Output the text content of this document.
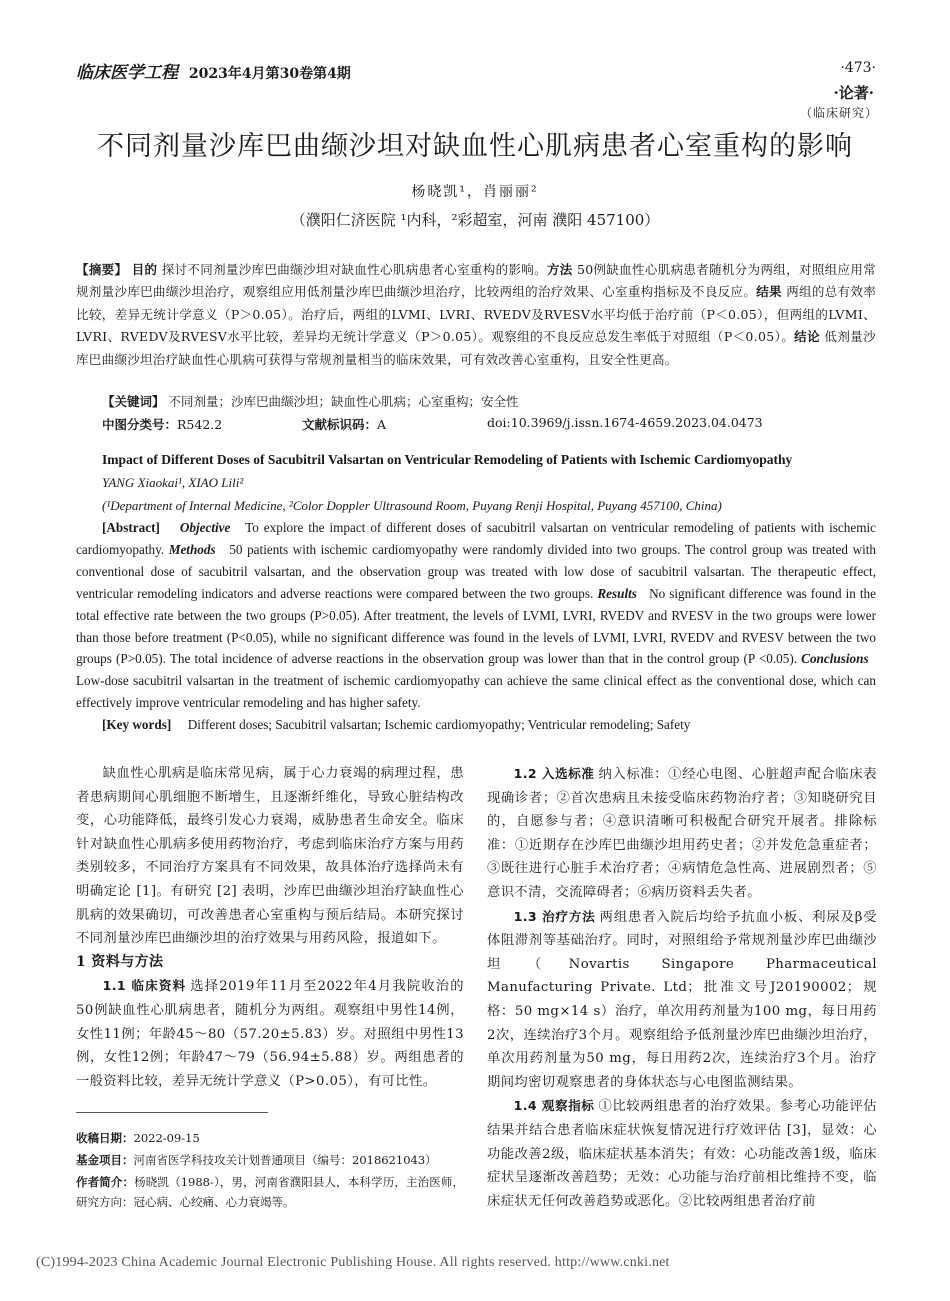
临床医学工程 2023年4月第30卷第4期	·473·
·论著·
（临床研究）
不同剂量沙库巴曲缬沙坦对缺血性心肌病患者心室重构的影响
杨晓凯¹，肖丽丽²
（濮阳仁济医院 ¹内科，²彩超室，河南 濮阳 457100）
【摘要】 目的 探讨不同剂量沙库巴曲缬沙坦对缺血性心肌病患者心室重构的影响。方法 50例缺血性心肌病患者随机分为两组，对照组应用常规剂量沙库巴曲缬沙坦治疗，观察组应用低剂量沙库巴曲缬沙坦治疗，比较两组的治疗效果、心室重构指标及不良反应。结果 两组的总有效率比较，差异无统计学意义（P＞0.05）。治疗后，两组的LVMI、LVRI、RVEDV及RVESV水平均低于治疗前（P＜0.05），但两组的LVMI、LVRI、RVEDV及RVESV水平比较，差异均无统计学意义（P＞0.05）。观察组的不良反应总发生率低于对照组（P＜0.05）。结论 低剂量沙库巴曲缬沙坦治疗缺血性心肌病可获得与常规剂量相当的临床效果，可有效改善心室重构，且安全性更高。
【关键词】 不同剂量；沙库巴曲缬沙坦；缺血性心肌病；心室重构；安全性
中图分类号：R542.2	文献标识码：A	doi:10.3969/j.issn.1674-4659.2023.04.0473
Impact of Different Doses of Sacubitril Valsartan on Ventricular Remodeling of Patients with Ischemic Cardiomyopathy
YANG Xiaokai¹, XIAO Lili²
(¹Department of Internal Medicine, ²Color Doppler Ultrasound Room, Puyang Renji Hospital, Puyang 457100, China)
[Abstract] Objective To explore the impact of different doses of sacubitril valsartan on ventricular remodeling of patients with ischemic cardiomyopathy. Methods 50 patients with ischemic cardiomyopathy were randomly divided into two groups. The control group was treated with conventional dose of sacubitril valsartan, and the observation group was treated with low dose of sacubitril valsartan. The therapeutic effect, ventricular remodeling indicators and adverse reactions were compared between the two groups. Results No significant difference was found in the total effective rate between the two groups (P>0.05). After treatment, the levels of LVMI, LVRI, RVEDV and RVESV in the two groups were lower than those before treatment (P<0.05), while no significant difference was found in the levels of LVMI, LVRI, RVEDV and RVESV between the two groups (P>0.05). The total incidence of adverse reactions in the observation group was lower than that in the control group (P <0.05). Conclusions   Low-dose sacubitril valsartan in the treatment of ischemic cardiomyopathy can achieve the same clinical effect as the conventional dose, which can effectively improve ventricular remodeling and has higher safety.
[Key words] Different doses; Sacubitril valsartan; Ischemic cardiomyopathy; Ventricular remodeling; Safety

缺血性心肌病是临床常见病，属于心力衰竭的病理过程，患者患病期间心肌细胞不断增生，且逐渐纤维化，导致心脏结构改变，心功能降低，最终引发心力衰竭，威胁患者生命安全。临床针对缺血性心肌病多使用药物治疗，考虑到临床治疗方案与用药类别较多，不同治疗方案具有不同效果，故具体治疗选择尚未有明确定论 [1]。有研究 [2] 表明，沙库巴曲缬沙坦治疗缺血性心肌病的效果确切，可改善患者心室重构与预后结局。本研究探讨不同剂量沙库巴曲缬沙坦的治疗效果与用药风险，报道如下。

1 资料与方法

1.1 临床资料 选择2019年11月至2022年4月我院收治的50例缺血性心肌病患者，随机分为两组。观察组中男性14例，女性11例；年龄45～80（57.20±5.83）岁。对照组中男性13例，女性12例；年龄47～79（56.94±5.88）岁。两组患者的一般资料比较，差异无统计学意义（P>0.05），有可比性。

收稿日期：2022-09-15
基金项目：河南省医学科技攻关计划普通项目（编号：2018621043）
作者简介：杨晓凯（1988-），男，河南省濮阳县人，本科学历，主治医师，研究方向：冠心病、心绞痛、心力衰竭等。

1.2 入选标准 纳入标准：①经心电图、心脏超声配合临床表现确诊者；②首次患病且未接受临床药物治疗者；③知晓研究目的，自愿参与者；④意识清晰可积极配合研究开展者。排除标准：①近期存在沙库巴曲缬沙坦用药史者；②并发危急重症者；③既往进行心脏手术治疗者；④病情危急性高、进展剧烈者；⑤意识不清，交流障碍者；⑥病历资料丢失者。

1.3 治疗方法 两组患者入院后均给予抗血小板、利尿及β受体阻滞剂等基础治疗。同时，对照组给予常规剂量沙库巴曲缬沙坦（Novartis Singapore Pharmaceutical Manufacturing Private. Ltd；批准文号J20190002；规格：50 mg×14 s）治疗，单次用药剂量为100 mg，每日用药2次，连续治疗3个月。观察组给予低剂量沙库巴曲缬沙坦治疗，单次用药剂量为50 mg，每日用药2次，连续治疗3个月。治疗期间均密切观察患者的身体状态与心电图监测结果。

1.4 观察指标 ①比较两组患者的治疗效果。参考心功能评估结果并结合患者临床症状恢复情况进行疗效评估 [3]，显效：心功能改善2级，临床症状基本消失；有效：心功能改善1级，临床症状呈逐渐改善趋势；无效：心功能与治疗前相比维持不变，临床症状无任何改善趋势或恶化。②比较两组患者治疗前

(C)1994-2023 China Academic Journal Electronic Publishing House. All rights reserved. http://www.cnki.net
